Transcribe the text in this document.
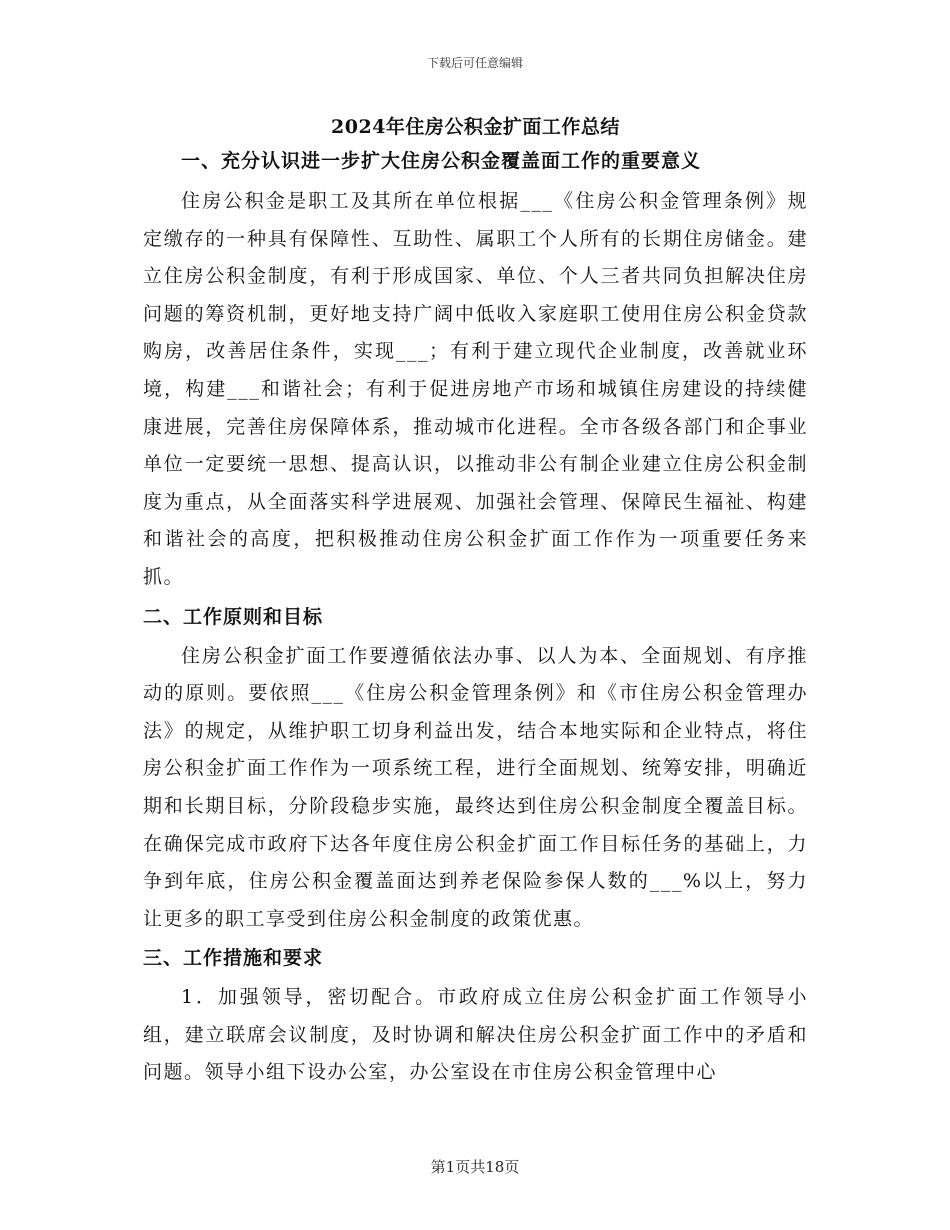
下载后可任意编辑
2024年住房公积金扩面工作总结
一、充分认识进一步扩大住房公积金覆盖面工作的重要意义

住房公积金是职工及其所在单位根据___《住房公积金管理条例》规定缴存的一种具有保障性、互助性、属职工个人所有的长期住房储金。建立住房公积金制度，有利于形成国家、单位、个人三者共同负担解决住房问题的筹资机制，更好地支持广阔中低收入家庭职工使用住房公积金贷款购房，改善居住条件，实现___；有利于建立现代企业制度，改善就业环境，构建___和谐社会；有利于促进房地产市场和城镇住房建设的持续健康进展，完善住房保障体系，推动城市化进程。全市各级各部门和企事业单位一定要统一思想、提高认识，以推动非公有制企业建立住房公积金制度为重点，从全面落实科学进展观、加强社会管理、保障民生福祉、构建和谐社会的高度，把积极推动住房公积金扩面工作作为一项重要任务来抓。

二、工作原则和目标

住房公积金扩面工作要遵循依法办事、以人为本、全面规划、有序推动的原则。要依照___《住房公积金管理条例》和《市住房公积金管理办法》的规定，从维护职工切身利益出发，结合本地实际和企业特点，将住房公积金扩面工作作为一项系统工程，进行全面规划、统筹安排，明确近期和长期目标，分阶段稳步实施，最终达到住房公积金制度全覆盖目标。在确保完成市政府下达各年度住房公积金扩面工作目标任务的基础上，力争到年底，住房公积金覆盖面达到养老保险参保人数的___%以上，努力让更多的职工享受到住房公积金制度的政策优惠。

三、工作措施和要求

1．加强领导，密切配合。市政府成立住房公积金扩面工作领导小组，建立联席会议制度，及时协调和解决住房公积金扩面工作中的矛盾和问题。领导小组下设办公室，办公室设在市住房公积金管理中心

第1页共18页
